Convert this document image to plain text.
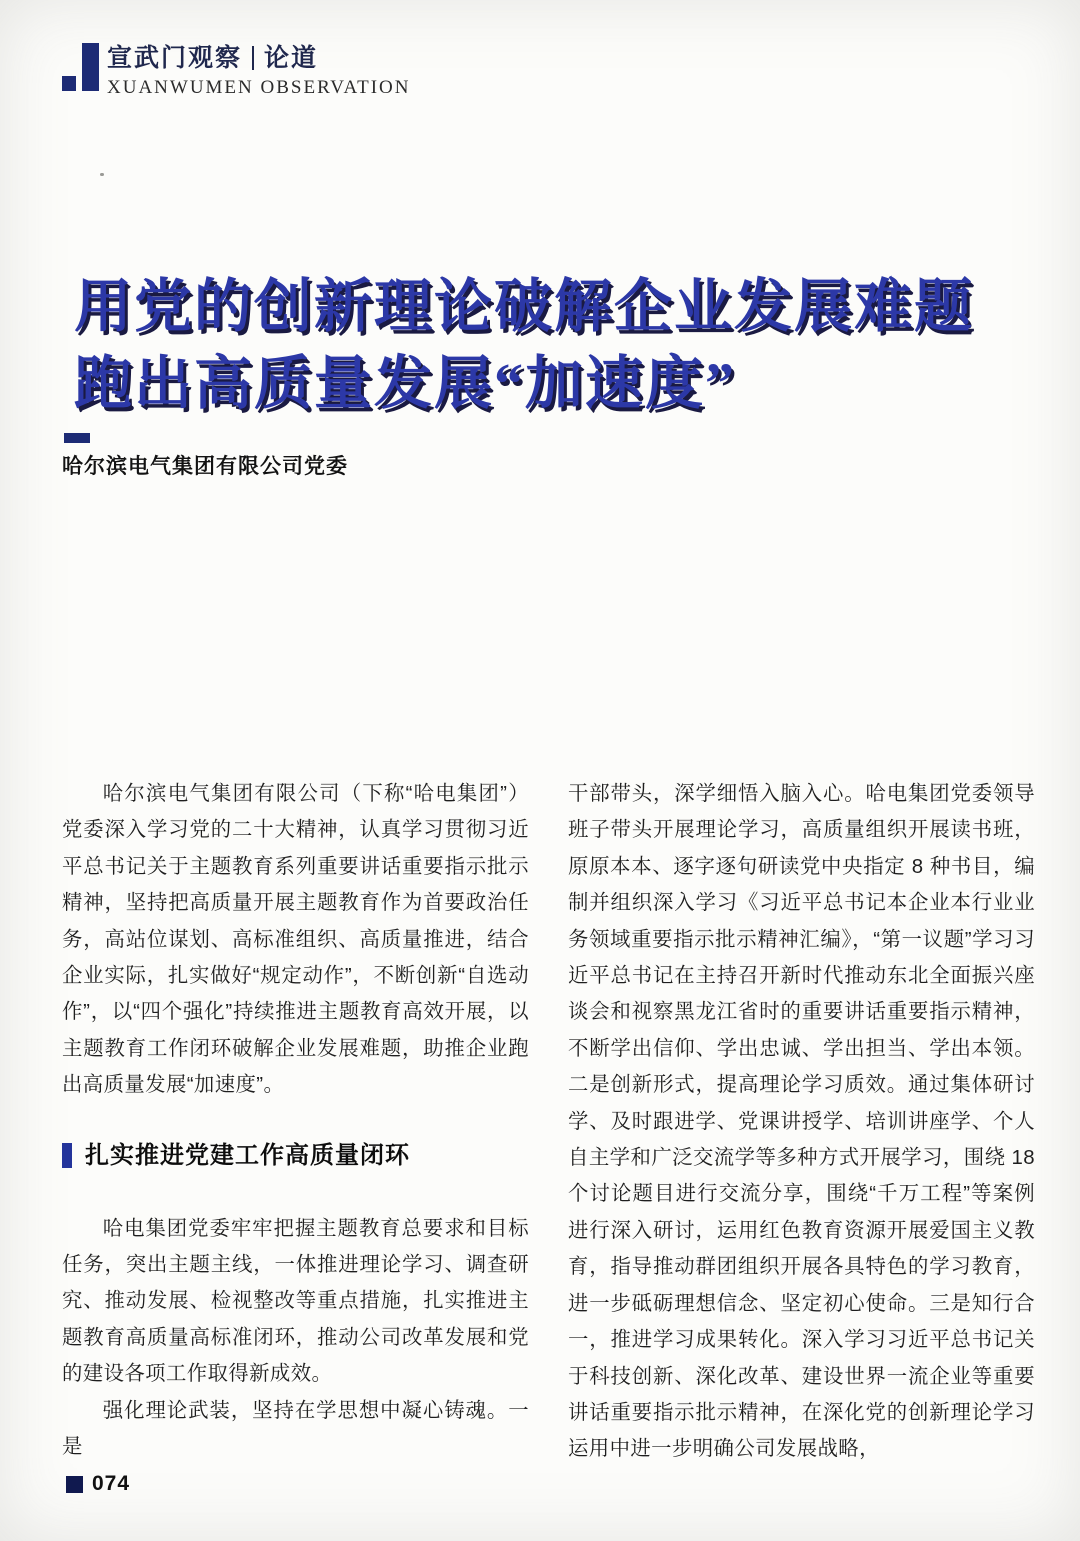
宣武门观察 论道
XUANWUMEN OBSERVATION
用党的创新理论破解企业发展难题
跑出高质量发展“加速度”
哈尔滨电气集团有限公司党委

哈尔滨电气集团有限公司（下称“哈电集团”）党委深入学习党的二十大精神，认真学习贯彻习近平总书记关于主题教育系列重要讲话重要指示批示精神，坚持把高质量开展主题教育作为首要政治任务，高站位谋划、高标准组织、高质量推进，结合企业实际，扎实做好“规定动作”，不断创新“自选动作”，以“四个强化”持续推进主题教育高效开展，以主题教育工作闭环破解企业发展难题，助推企业跑出高质量发展“加速度”。

扎实推进党建工作高质量闭环

哈电集团党委牢牢把握主题教育总要求和目标任务，突出主题主线，一体推进理论学习、调查研究、推动发展、检视整改等重点措施，扎实推进主题教育高质量高标准闭环，推动公司改革发展和党的建设各项工作取得新成效。

强化理论武装，坚持在学思想中凝心铸魂。一是

干部带头，深学细悟入脑入心。哈电集团党委领导班子带头开展理论学习，高质量组织开展读书班，原原本本、逐字逐句研读党中央指定 8 种书目，编制并组织深入学习《习近平总书记本企业本行业业务领域重要指示批示精神汇编》，“第一议题”学习习近平总书记在主持召开新时代推动东北全面振兴座谈会和视察黑龙江省时的重要讲话重要指示精神，不断学出信仰、学出忠诚、学出担当、学出本领。二是创新形式，提高理论学习质效。通过集体研讨学、及时跟进学、党课讲授学、培训讲座学、个人自主学和广泛交流学等多种方式开展学习，围绕 18 个讨论题目进行交流分享，围绕“千万工程”等案例进行深入研讨，运用红色教育资源开展爱国主义教育，指导推动群团组织开展各具特色的学习教育，进一步砥砺理想信念、坚定初心使命。三是知行合一，推进学习成果转化。深入学习习近平总书记关于科技创新、深化改革、建设世界一流企业等重要讲话重要指示批示精神，在深化党的创新理论学习运用中进一步明确公司发展战略，

074
